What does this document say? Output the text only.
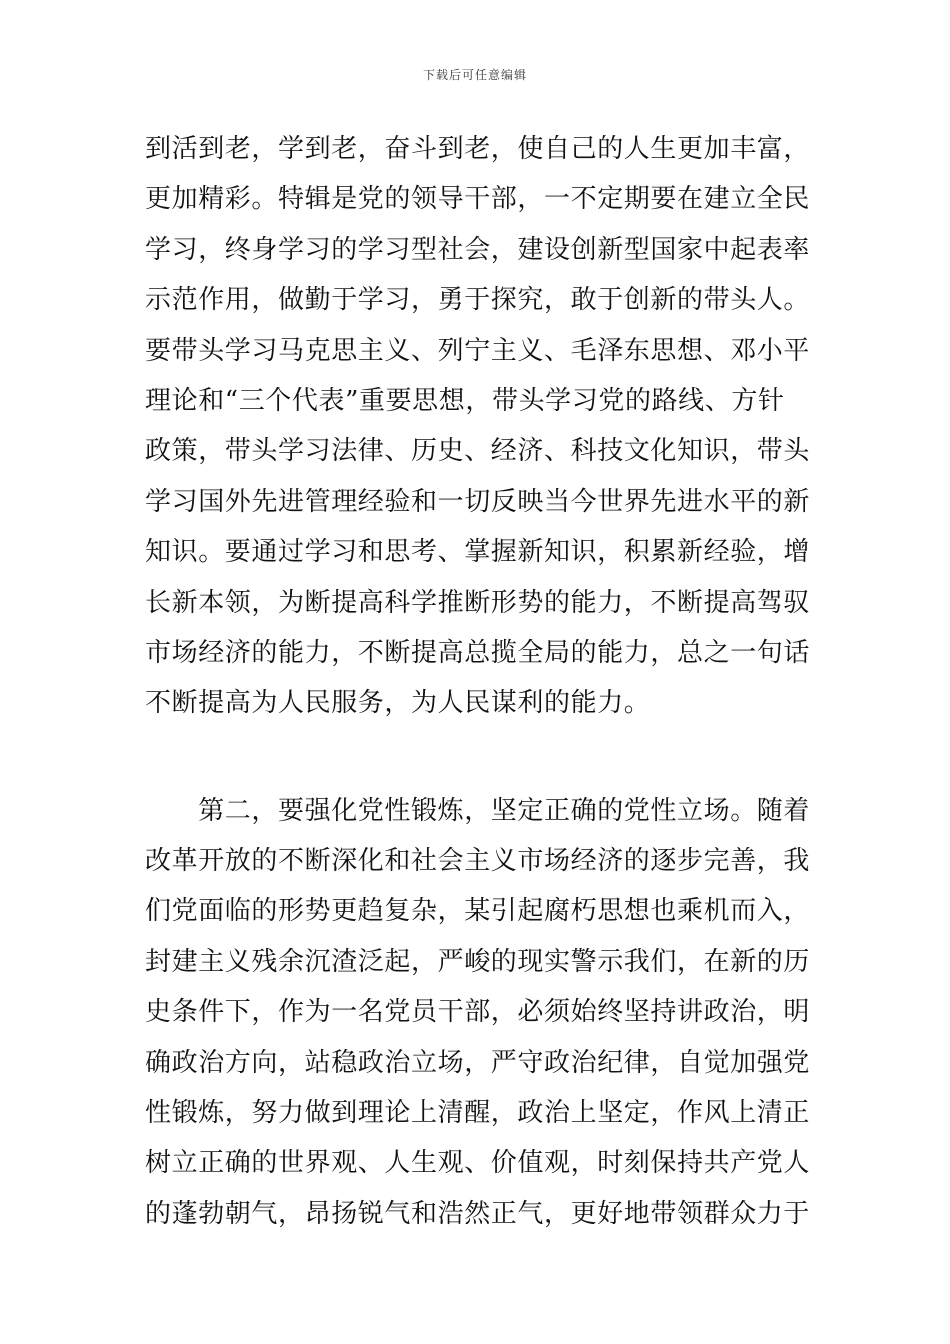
下载后可任意编辑
到活到老，学到老，奋斗到老，使自己的人生更加丰富，
更加精彩。特辑是党的领导干部，一不定期要在建立全民
学习，终身学习的学习型社会，建设创新型国家中起表率
示范作用，做勤于学习，勇于探究，敢于创新的带头人。
要带头学习马克思主义、列宁主义、毛泽东思想、邓小平
理论和“三个代表”重要思想，带头学习党的路线、方针
政策，带头学习法律、历史、经济、科技文化知识，带头
学习国外先进管理经验和一切反映当今世界先进水平的新
知识。要通过学习和思考、掌握新知识，积累新经验，增
长新本领，为断提高科学推断形势的能力，不断提高驾驭
市场经济的能力，不断提高总揽全局的能力，总之一句话
不断提高为人民服务，为人民谋利的能力。
　　第二，要强化党性锻炼，坚定正确的党性立场。随着
改革开放的不断深化和社会主义市场经济的逐步完善，我
们党面临的形势更趋复杂，某引起腐朽思想也乘机而入，
封建主义残余沉渣泛起，严峻的现实警示我们，在新的历
史条件下，作为一名党员干部，必须始终坚持讲政治，明
确政治方向，站稳政治立场，严守政治纪律，自觉加强党
性锻炼，努力做到理论上清醒，政治上坚定，作风上清正
树立正确的世界观、人生观、价值观，时刻保持共产党人
的蓬勃朝气，昂扬锐气和浩然正气，更好地带领群众力于
